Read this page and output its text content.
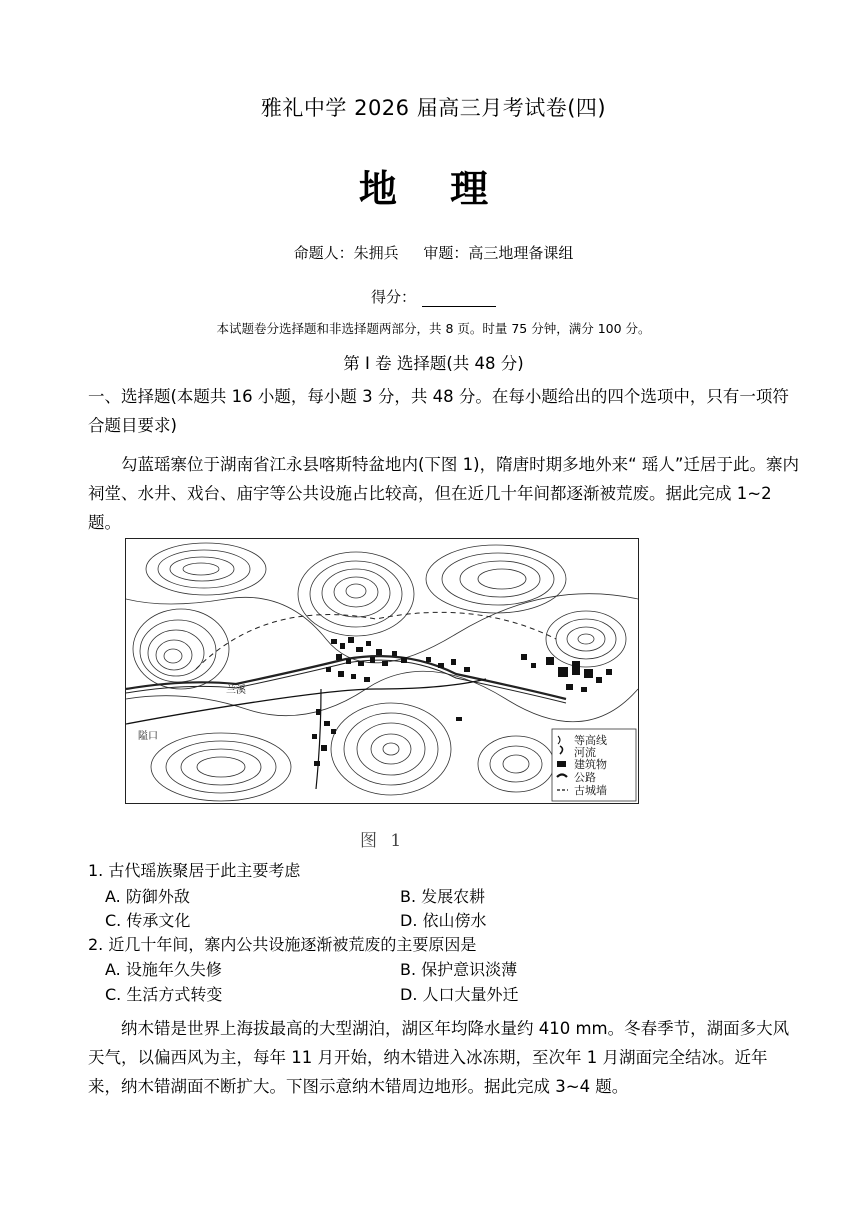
雅礼中学 2026 届高三月考试卷(四)
地 理
命题人：朱拥兵 审题：高三地理备课组
得分：
本试题卷分选择题和非选择题两部分，共 8 页。时量 75 分钟，满分 100 分。
第 I 卷 选择题(共 48 分)
一、选择题(本题共 16 小题，每小题 3 分，共 48 分。在每小题给出的四个选项中，只有一项符合题目要求)
勾蓝瑶寨位于湖南省江永县喀斯特盆地内(下图 1)，隋唐时期多地外来“ 瑶人”迁居于此。寨内祠堂、水井、戏台、庙宇等公共设施占比较高，但在近几十年间都逐渐被荒废。据此完成 1~2 题。
兰溪
隘口	等高线
河流
建筑物
公路
古城墙
图 1
1. 古代瑶族聚居于此主要考虑
A. 防御外敌	B. 发展农耕
C. 传承文化	D. 依山傍水
2. 近几十年间，寨内公共设施逐渐被荒废的主要原因是
A. 设施年久失修	B. 保护意识淡薄
C. 生活方式转变	D. 人口大量外迁
纳木错是世界上海拔最高的大型湖泊，湖区年均降水量约 410 mm。冬春季节，湖面多大风天气，以偏西风为主，每年 11 月开始，纳木错进入冰冻期，至次年 1 月湖面完全结冰。近年来，纳木错湖面不断扩大。下图示意纳木错周边地形。据此完成 3~4 题。
